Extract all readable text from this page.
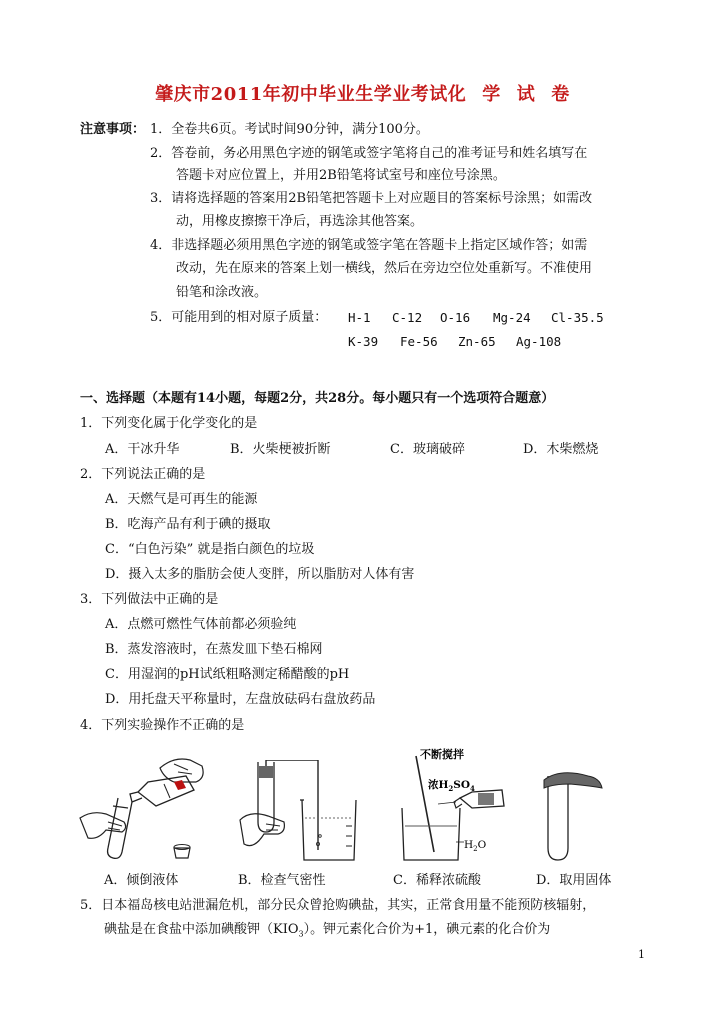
肇庆市2011年初中毕业生学业考试化 学 试 卷
注意事项： 1．全卷共6页。考试时间90分钟，满分100分。
2．答卷前，务必用黑色字迹的钢笔或签字笔将自己的准考证号和姓名填写在
答题卡对应位置上，并用2B铅笔将试室号和座位号涂黑。
3．请将选择题的答案用2B铅笔把答题卡上对应题目的答案标号涂黑；如需改
动，用橡皮擦擦干净后，再选涂其他答案。
4．非选择题必须用黑色字迹的钢笔或签字笔在答题卡上指定区域作答；如需
改动，先在原来的答案上划一横线，然后在旁边空位处重新写。不准使用
铅笔和涂改液。
5．可能用到的相对原子质量： H-1 C-12 O-16 Mg-24 Cl-35.5
K-39 Fe-56 Zn-65 Ag-108
一、选择题（本题有14小题，每题2分，共28分。每小题只有一个选项符合题意）
1．下列变化属于化学变化的是
A．干冰升华	B．火柴梗被折断	C．玻璃破碎	D．木柴燃烧
2．下列说法正确的是
A．天燃气是可再生的能源
B．吃海产品有利于碘的摄取
C．“白色污染” 就是指白颜色的垃圾
D．摄入太多的脂肪会使人变胖，所以脂肪对人体有害
3．下列做法中正确的是
A．点燃可燃性气体前都必须验纯
B．蒸发溶液时，在蒸发皿下垫石棉网
C．用湿润的pH试纸粗略测定稀醋酸的pH
D．用托盘天平称量时，左盘放砝码右盘放药品
4．下列实验操作不正确的是
不断搅拌
浓$H_2SO_4$
$H_2O$
A．倾倒液体	B．检查气密性	C．稀释浓硫酸	D．取用固体
5．日本福岛核电站泄漏危机，部分民众曾抢购碘盐，其实，正常食用量不能预防核辐射，
碘盐是在食盐中添加碘酸钾$(KIO_3)$。钾元素化合价为+1，碘元素的化合价为
1
